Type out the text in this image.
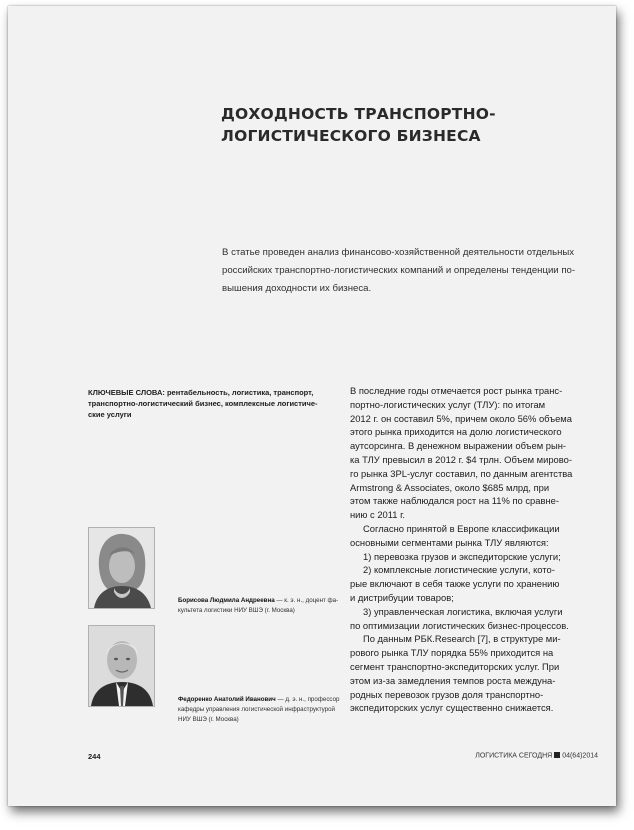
ДОХОДНОСТЬ ТРАНСПОРТНО-
ЛОГИСТИЧЕСКОГО БИЗНЕСА
В статье проведен анализ финансово-хозяйственной деятельности отдельных
российских транспортно-логистических компаний и определены тенденции по-
вышения доходности их бизнеса.
КЛЮЧЕВЫЕ СЛОВА: рентабельность, логистика, транспорт,
транспортно-логистический бизнес, комплексные логистиче-
ские услуги
В последние годы отмечается рост рынка транс-
портно-логистических услуг (ТЛУ): по итогам
2012 г. он составил 5%, причем около 56% объема
этого рынка приходится на долю логистического
аутсорсинга. В денежном выражении объем рын-
ка ТЛУ превысил в 2012 г. $4 трлн. Объем мирово-
го рынка 3PL-услуг составил, по данным агентства
Armstrong & Associates, около $685 млрд, при
этом также наблюдался рост на 11% по сравне-
нию с 2011 г.
Согласно принятой в Европе классификации
основными сегментами рынка ТЛУ являются:
1) перевозка грузов и экспедиторские услуги;
2) комплексные логистические услуги, кото-
рые включают в себя также услуги по хранению
и дистрибуции товаров;
3) управленческая логистика, включая услуги
по оптимизации логистических бизнес-процессов.
По данным РБК.Research [7], в структуре ми-
рового рынка ТЛУ порядка 55% приходится на
сегмент транспортно-экспедиторских услуг. При
этом из-за замедления темпов роста междуна-
родных перевозок грузов доля транспортно-
экспедиторских услуг существенно снижается.
Борисова Людмила Андреевна — к. э. н., доцент фа-
культета логистики НИУ ВШЭ (г. Москва)
Федоренко Анатолий Иванович — д. э. н., профессор
кафедры управления логистической инфраструктурой
НИУ ВШЭ (г. Москва)
244	ЛОГИСТИКА СЕГОДНЯ 04(64)2014
